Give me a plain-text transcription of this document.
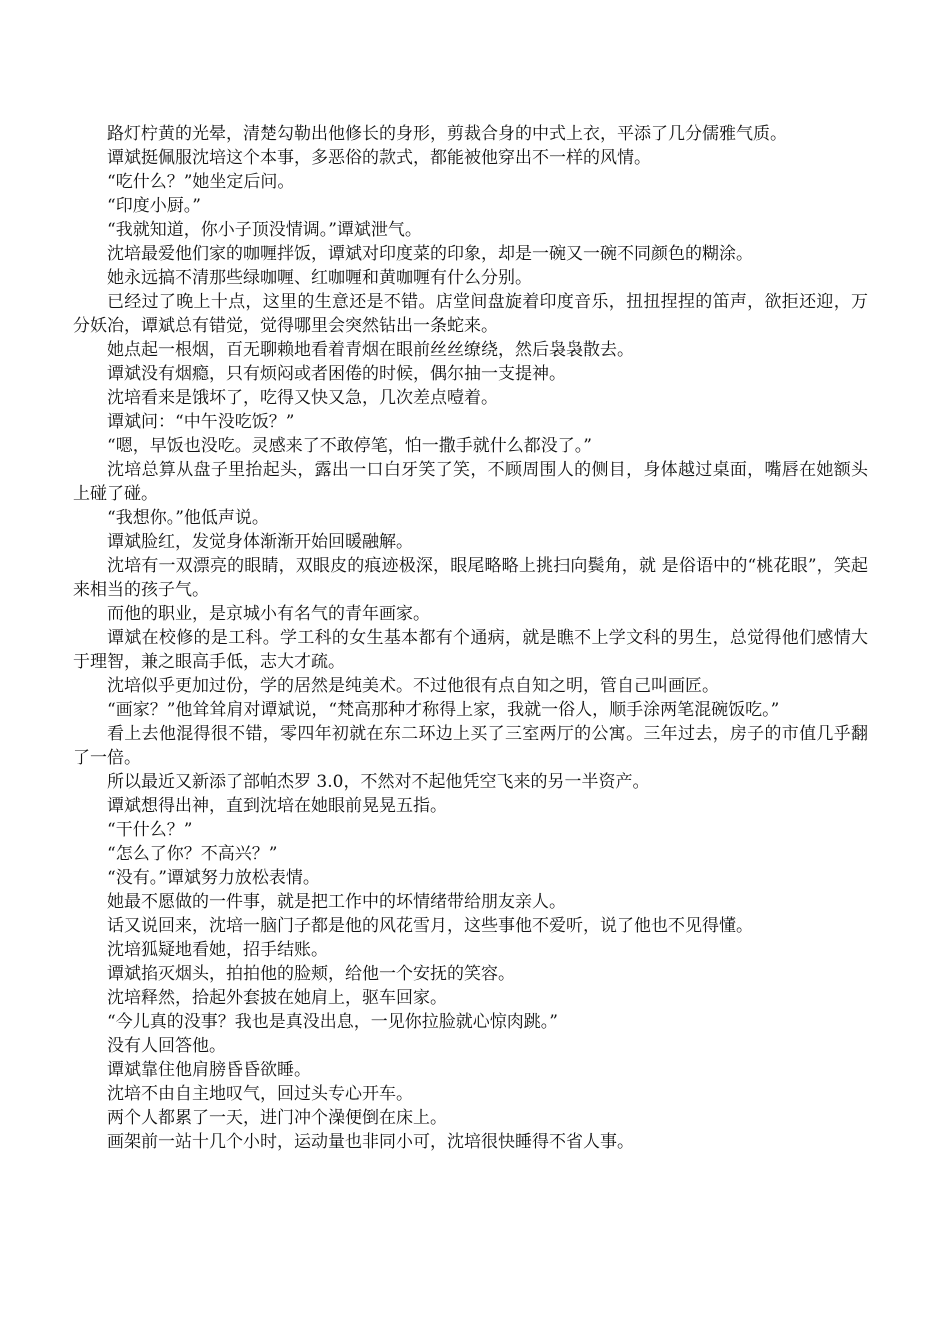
路灯柠黄的光晕，清楚勾勒出他修长的身形，剪裁合身的中式上衣，平添了几分儒雅气质。

谭斌挺佩服沈培这个本事，多恶俗的款式，都能被他穿出不一样的风情。

“吃什么？”她坐定后问。

“印度小厨。”

“我就知道，你小子顶没情调。”谭斌泄气。

沈培最爱他们家的咖喱拌饭，谭斌对印度菜的印象，却是一碗又一碗不同颜色的糊涂。

她永远搞不清那些绿咖喱、红咖喱和黄咖喱有什么分别。

已经过了晚上十点，这里的生意还是不错。店堂间盘旋着印度音乐，扭扭捏捏的笛声，欲拒还迎，万分妖冶，谭斌总有错觉，觉得哪里会突然钻出一条蛇来。

她点起一根烟，百无聊赖地看着青烟在眼前丝丝缭绕，然后袅袅散去。

谭斌没有烟瘾，只有烦闷或者困倦的时候，偶尔抽一支提神。

沈培看来是饿坏了，吃得又快又急，几次差点噎着。

谭斌问：“中午没吃饭？”

“嗯，早饭也没吃。灵感来了不敢停笔，怕一撒手就什么都没了。”

沈培总算从盘子里抬起头，露出一口白牙笑了笑，不顾周围人的侧目，身体越过桌面，嘴唇在她额头上碰了碰。

“我想你。”他低声说。

谭斌脸红，发觉身体渐渐开始回暖融解。

沈培有一双漂亮的眼睛，双眼皮的痕迹极深，眼尾略略上挑扫向鬓角，就 是俗语中的“桃花眼”，笑起来相当的孩子气。

而他的职业，是京城小有名气的青年画家。

谭斌在校修的是工科。学工科的女生基本都有个通病，就是瞧不上学文科的男生，总觉得他们感情大于理智，兼之眼高手低，志大才疏。

沈培似乎更加过份，学的居然是纯美术。不过他很有点自知之明，管自己叫画匠。

“画家？”他耸耸肩对谭斌说，“梵高那种才称得上家，我就一俗人，顺手涂两笔混碗饭吃。”

看上去他混得很不错，零四年初就在东二环边上买了三室两厅的公寓。三年过去，房子的市值几乎翻了一倍。

所以最近又新添了部帕杰罗 3.0，不然对不起他凭空飞来的另一半资产。

谭斌想得出神，直到沈培在她眼前晃晃五指。

“干什么？”

“怎么了你？不高兴？”

“没有。”谭斌努力放松表情。

她最不愿做的一件事，就是把工作中的坏情绪带给朋友亲人。

话又说回来，沈培一脑门子都是他的风花雪月，这些事他不爱听，说了他也不见得懂。

沈培狐疑地看她，招手结账。

谭斌掐灭烟头，拍拍他的脸颊，给他一个安抚的笑容。

沈培释然，拾起外套披在她肩上，驱车回家。

“今儿真的没事？我也是真没出息，一见你拉脸就心惊肉跳。”

没有人回答他。

谭斌靠住他肩膀昏昏欲睡。

沈培不由自主地叹气，回过头专心开车。

两个人都累了一天，进门冲个澡便倒在床上。

画架前一站十几个小时，运动量也非同小可，沈培很快睡得不省人事。
